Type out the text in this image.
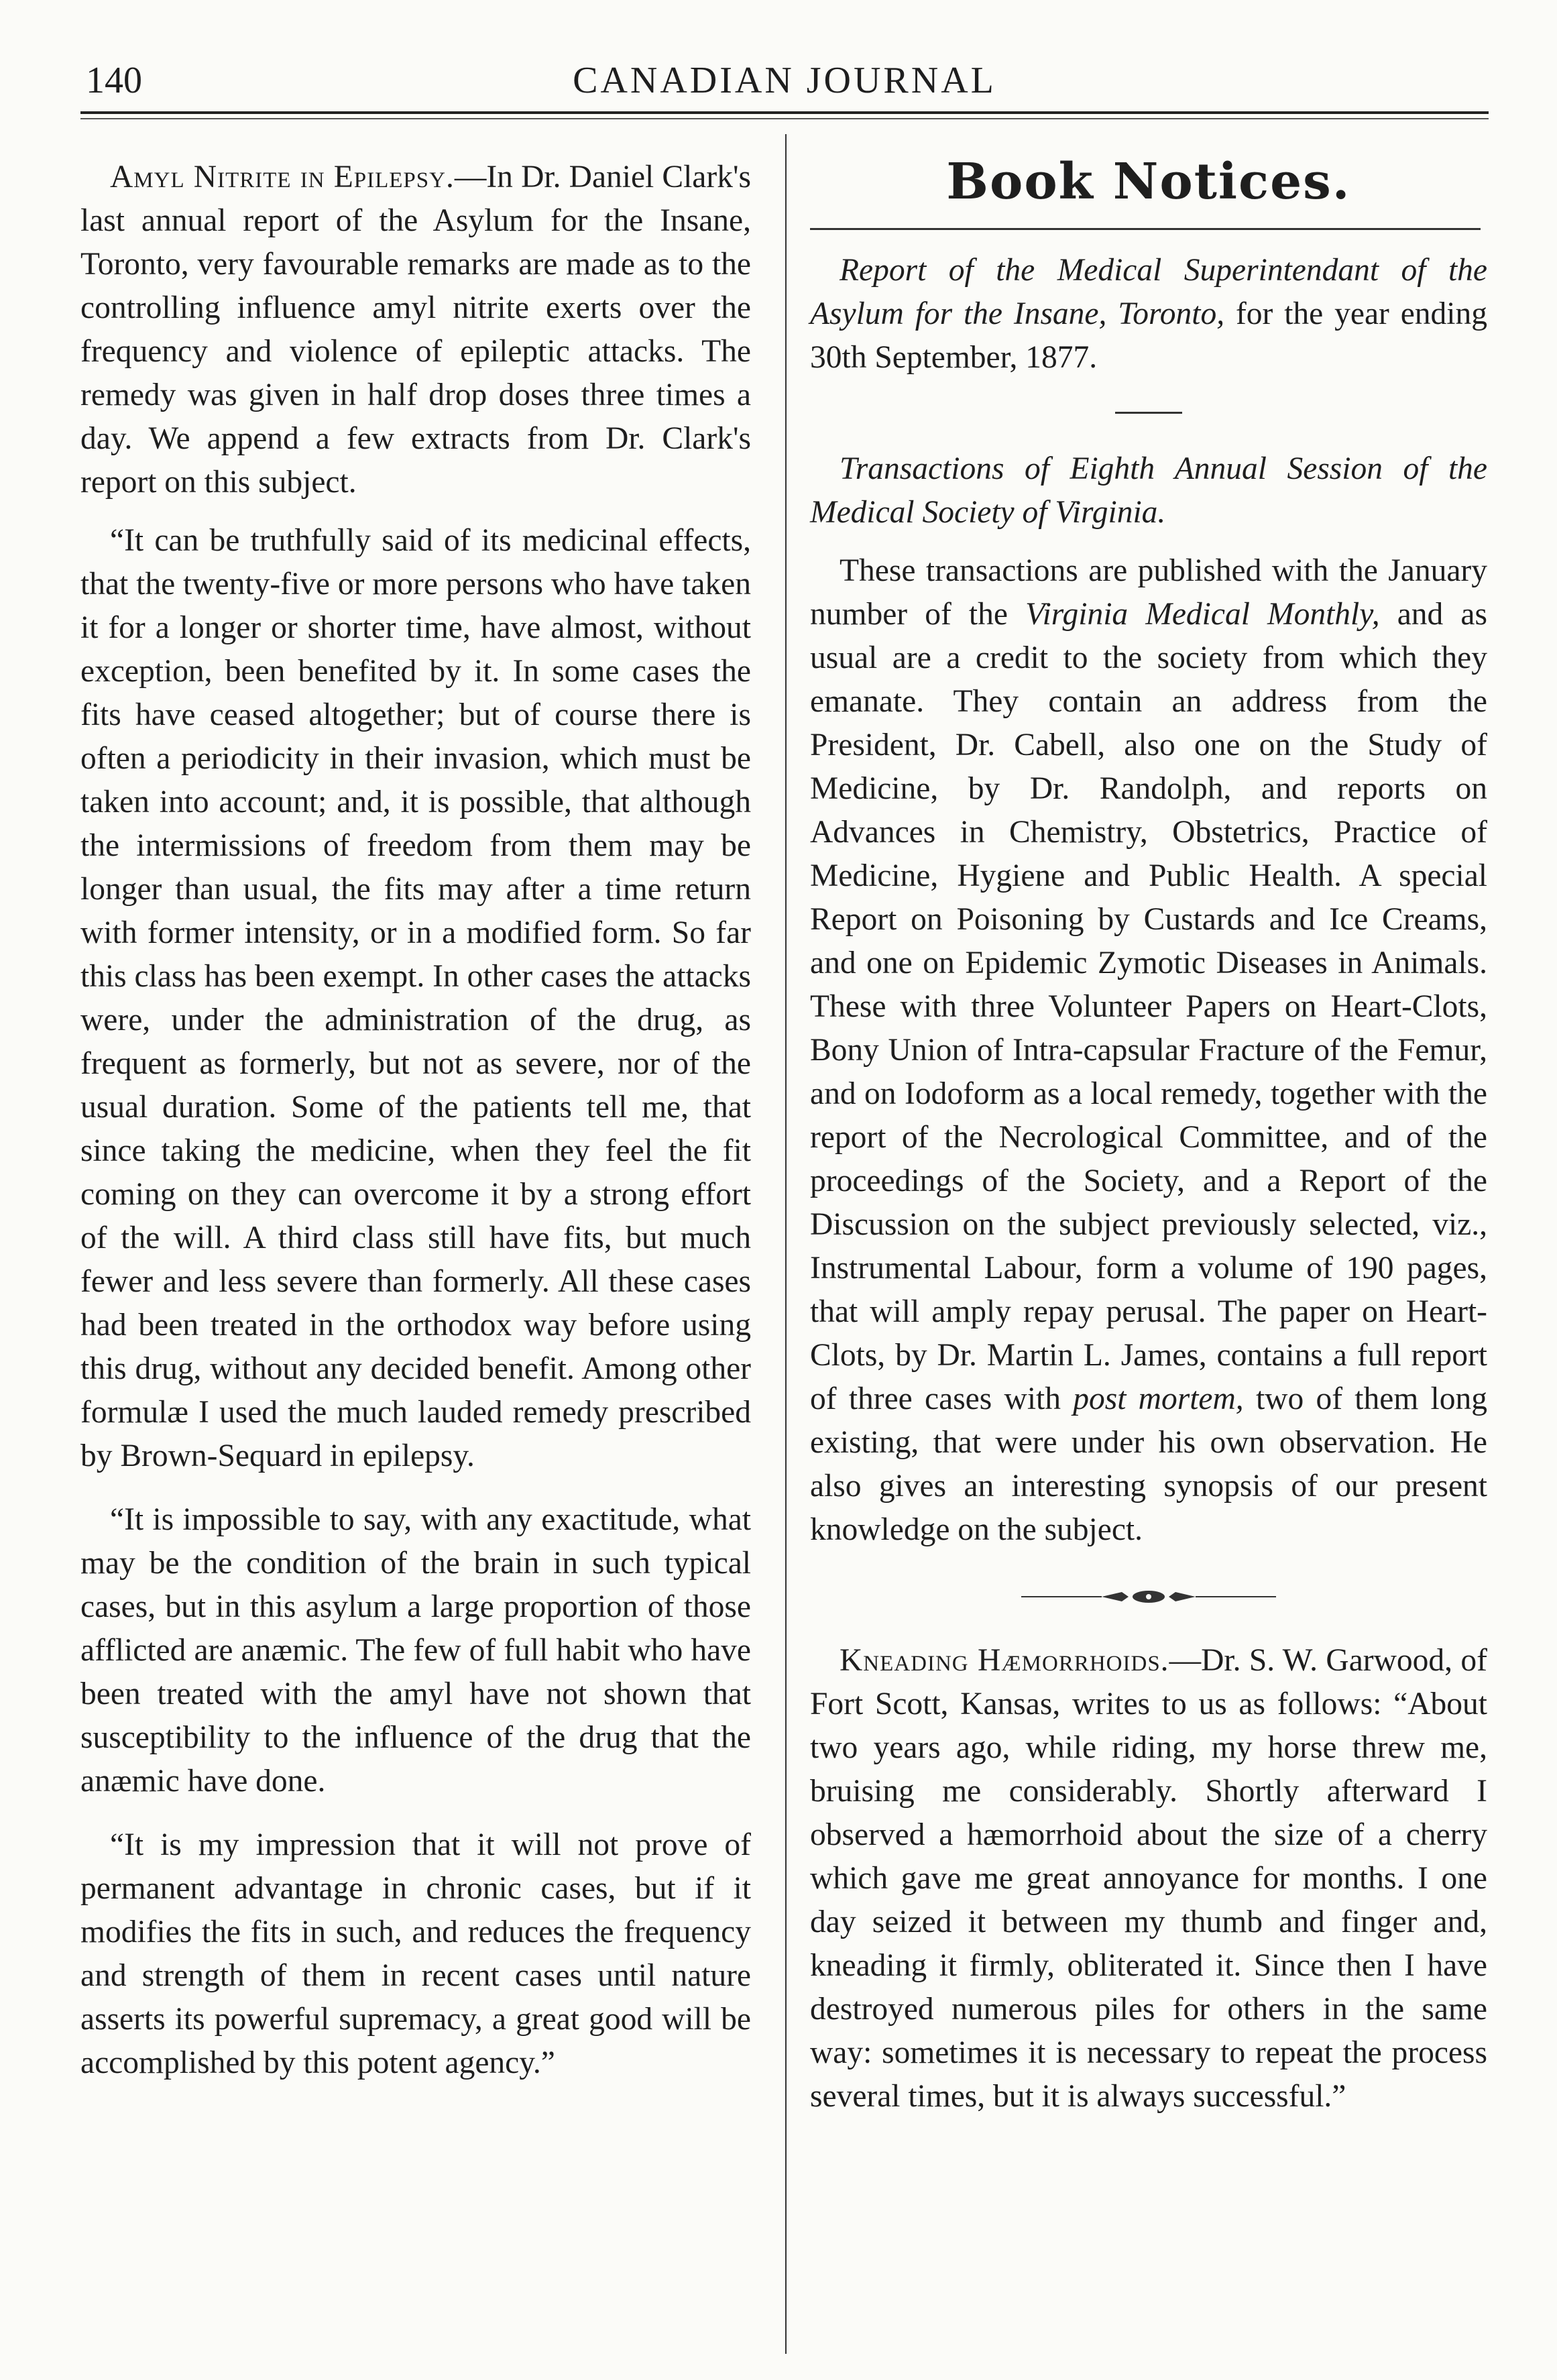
140	CANADIAN JOURNAL

Amyl Nitrite in Epilepsy.—In Dr. Daniel Clark's last annual report of the Asylum for the Insane, Toronto, very favourable remarks are made as to the controlling influence amyl nitrite exerts over the frequency and violence of epileptic attacks. The remedy was given in half drop doses three times a day. We append a few extracts from Dr. Clark's report on this subject.

“It can be truthfully said of its medicinal effects, that the twenty-five or more persons who have taken it for a longer or shorter time, have almost, without exception, been benefited by it. In some cases the fits have ceased altogether; but of course there is often a periodicity in their invasion, which must be taken into account; and, it is possible, that although the intermissions of freedom from them may be longer than usual, the fits may after a time return with former intensity, or in a modified form. So far this class has been exempt. In other cases the attacks were, under the administration of the drug, as frequent as formerly, but not as severe, nor of the usual duration. Some of the patients tell me, that since taking the medicine, when they feel the fit coming on they can overcome it by a strong effort of the will. A third class still have fits, but much fewer and less severe than formerly. All these cases had been treated in the orthodox way before using this drug, without any decided benefit. Among other formulæ I used the much lauded remedy prescribed by Brown-Sequard in epilepsy.

“It is impossible to say, with any exactitude, what may be the condition of the brain in such typical cases, but in this asylum a large proportion of those afflicted are anæmic. The few of full habit who have been treated with the amyl have not shown that susceptibility to the influence of the drug that the anæmic have done.

“It is my impression that it will not prove of permanent advantage in chronic cases, but if it modifies the fits in such, and reduces the frequency and strength of them in recent cases until nature asserts its powerful supremacy, a great good will be accomplished by this potent agency.”

Book Notices.

Report of the Medical Superintendant of the Asylum for the Insane, Toronto, for the year ending 30th September, 1877.

Transactions of Eighth Annual Session of the Medical Society of Virginia.

These transactions are published with the January number of the Virginia Medical Monthly, and as usual are a credit to the society from which they emanate. They contain an address from the President, Dr. Cabell, also one on the Study of Medicine, by Dr. Randolph, and reports on Advances in Chemistry, Obstetrics, Practice of Medicine, Hygiene and Public Health. A special Report on Poisoning by Custards and Ice Creams, and one on Epidemic Zymotic Diseases in Animals. These with three Volunteer Papers on Heart-Clots, Bony Union of Intra-capsular Fracture of the Femur, and on Iodoform as a local remedy, together with the report of the Necrological Committee, and of the proceedings of the Society, and a Report of the Discussion on the subject previously selected, viz., Instrumental Labour, form a volume of 190 pages, that will amply repay perusal. The paper on Heart-Clots, by Dr. Martin L. James, contains a full report of three cases with post mortem, two of them long existing, that were under his own observation. He also gives an interesting synopsis of our present knowledge on the subject.

Kneading Hæmorrhoids.—Dr. S. W. Garwood, of Fort Scott, Kansas, writes to us as follows: “About two years ago, while riding, my horse threw me, bruising me considerably. Shortly afterward I observed a hæmorrhoid about the size of a cherry which gave me great annoyance for months. I one day seized it between my thumb and finger and, kneading it firmly, obliterated it. Since then I have destroyed numerous piles for others in the same way: sometimes it is necessary to repeat the process several times, but it is always successful.”
